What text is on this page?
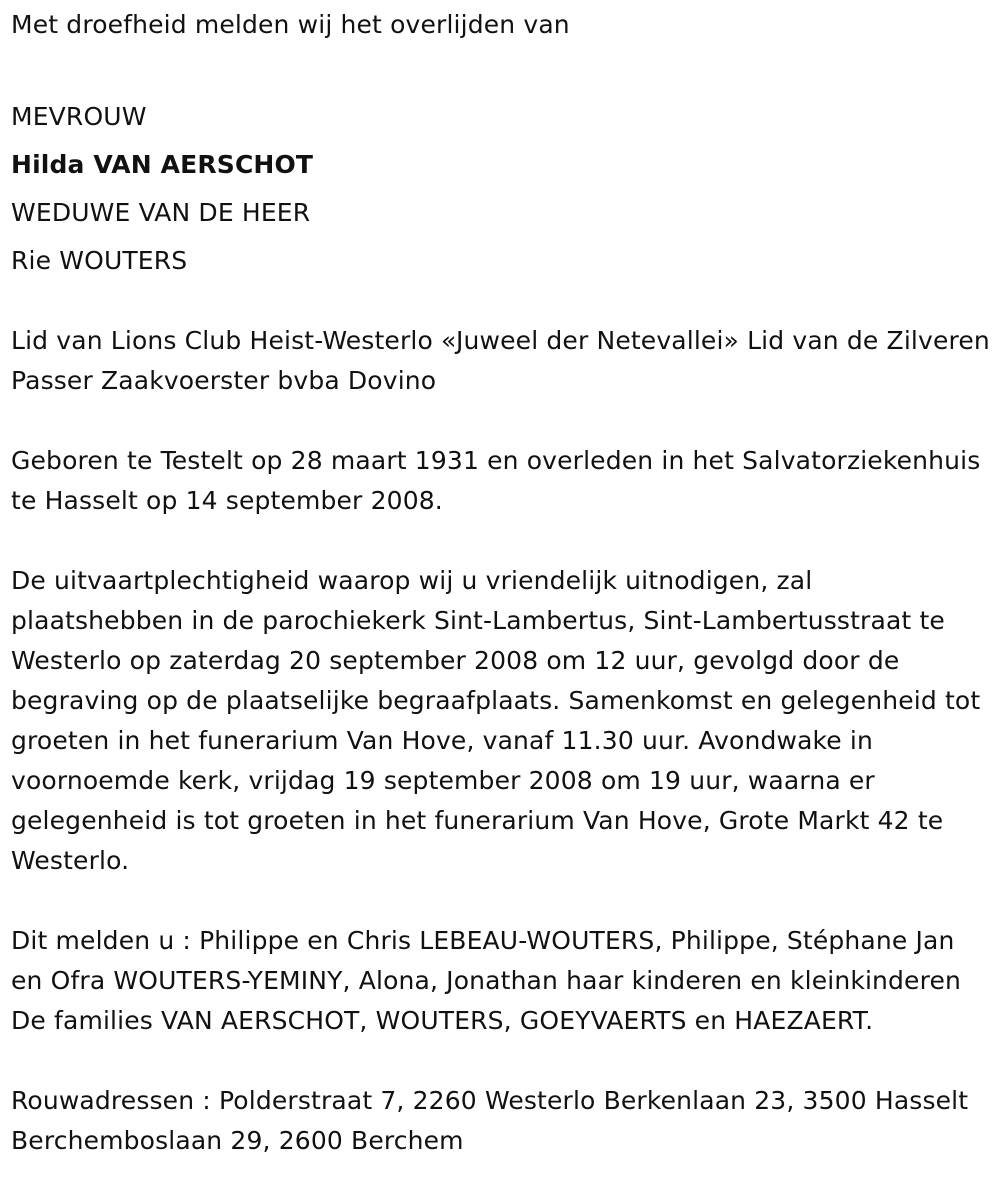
Met droefheid melden wij het overlijden van

MEVROUW

Hilda VAN AERSCHOT

WEDUWE VAN DE HEER

Rie WOUTERS

Lid van Lions Club Heist-Westerlo «Juweel der Netevallei» Lid van de Zilveren Passer Zaakvoerster bvba Dovino

Geboren te Testelt op 28 maart 1931 en overleden in het Salvatorziekenhuis te Hasselt op 14 september 2008.

De uitvaartplechtigheid waarop wij u vriendelijk uitnodigen, zal plaatshebben in de parochiekerk Sint-Lambertus, Sint-Lambertusstraat te Westerlo op zaterdag 20 september 2008 om 12 uur, gevolgd door de begraving op de plaatselijke begraafplaats. Samenkomst en gelegenheid tot groeten in het funerarium Van Hove, vanaf 11.30 uur. Avondwake in voornoemde kerk, vrijdag 19 september 2008 om 19 uur, waarna er gelegenheid is tot groeten in het funerarium Van Hove, Grote Markt 42 te Westerlo.

Dit melden u : Philippe en Chris LEBEAU-WOUTERS, Philippe, Stéphane Jan en Ofra WOUTERS-YEMINY, Alona, Jonathan haar kinderen en kleinkinderen De families VAN AERSCHOT, WOUTERS, GOEYVAERTS en HAEZAERT.

Rouwadressen : Polderstraat 7, 2260 Westerlo Berkenlaan 23, 3500 Hasselt Berchemboslaan 29, 2600 Berchem
